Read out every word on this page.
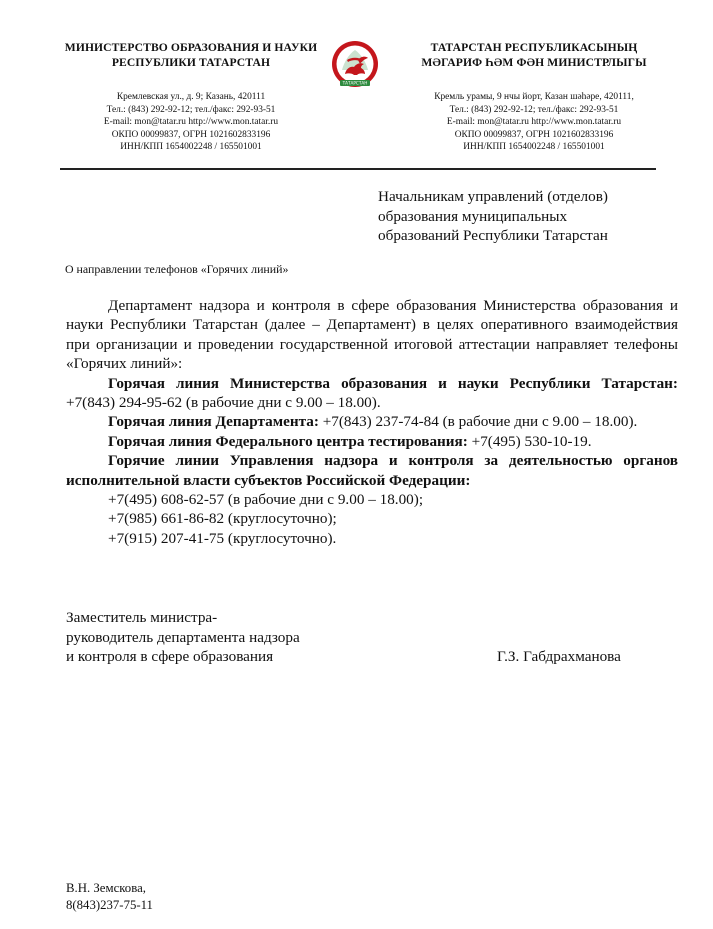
МИНИСТЕРСТВО ОБРАЗОВАНИЯ И НАУКИ
РЕСПУБЛИКИ ТАТАРСТАН
Кремлевская ул., д. 9; Казань, 420111
Тел.: (843) 292-92-12; тел./факс: 292-93-51
E-mail: mon@tatar.ru http://www.mon.tatar.ru
ОКПО 00099837, ОГРН 1021602833196
ИНН/КПП 1654002248 / 165501001
ТАТАРСТАН
ТАТАРСТАН РЕСПУБЛИКАСЫНЫҢ
МӘГАРИФ ҺӘМ ФӘН МИНИСТРЛЫГЫ
Кремль урамы, 9 нчы йорт, Казан шәһәре, 420111,
Тел.: (843) 292-92-12; тел./факс: 292-93-51
E-mail: mon@tatar.ru http://www.mon.tatar.ru
ОКПО 00099837, ОГРН 1021602833196
ИНН/КПП 1654002248 / 165501001
Начальникам управлений (отделов)
образования муниципальных
образований Республики Татарстан
О направлении телефонов «Горячих линий»

Департамент надзора и контроля в сфере образования Министерства образования и науки Республики Татарстан (далее – Департамент) в целях оперативного взаимодействия при организации и проведении государственной итоговой аттестации направляет телефоны «Горячих линий»:

Горячая линия Министерства образования и науки Республики Татарстан: +7(843) 294-95-62 (в рабочие дни с 9.00 – 18.00).

Горячая линия Департамента: +7(843) 237-74-84 (в рабочие дни с 9.00 – 18.00).

Горячая линия Федерального центра тестирования: +7(495) 530-10-19.

Горячие линии Управления надзора и контроля за деятельностью органов исполнительной власти субъектов Российской Федерации:

+7(495) 608-62-57 (в рабочие дни с 9.00 – 18.00);

+7(985) 661-86-82 (круглосуточно);

+7(915) 207-41-75 (круглосуточно).

Заместитель министра-
руководитель департамента надзора
и контроля в сфере образования	Г.З. Габдрахманова
В.Н. Земскова,
8(843)237-75-11
